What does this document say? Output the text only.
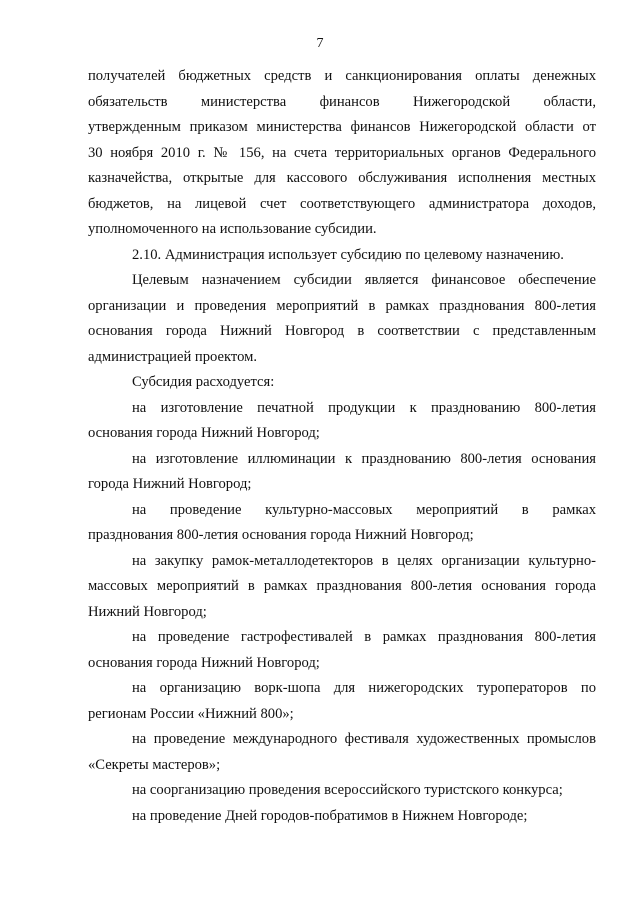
7
получателей бюджетных средств и санкционирования оплаты денежных
обязательств министерства финансов Нижегородской области,
утвержденным приказом министерства финансов Нижегородской области от
30 ноября 2010 г. № 156, на счета территориальных органов Федерального
казначейства, открытые для кассового обслуживания исполнения местных
бюджетов, на лицевой счет соответствующего администратора доходов,
уполномоченного на использование субсидии.
2.10. Администрация использует субсидию по целевому назначению.
Целевым назначением субсидии является финансовое обеспечение
организации и проведения мероприятий в рамках празднования 800-летия
основания города Нижний Новгород в соответствии с представленным
администрацией проектом.
Субсидия расходуется:
на изготовление печатной продукции к празднованию 800-летия
основания города Нижний Новгород;
на изготовление иллюминации к празднованию 800-летия основания
города Нижний Новгород;
на проведение культурно-массовых мероприятий в рамках
празднования 800-летия основания города Нижний Новгород;
на закупку рамок-металлодетекторов в целях организации культурно-
массовых мероприятий в рамках празднования 800-летия основания города
Нижний Новгород;
на проведение гастрофестивалей в рамках празднования 800-летия
основания города Нижний Новгород;
на организацию ворк-шопа для нижегородских туроператоров по
регионам России «Нижний 800»;
на проведение международного фестиваля художественных промыслов
«Секреты мастеров»;
на соорганизацию проведения всероссийского туристского конкурса;
на проведение Дней городов-побратимов в Нижнем Новгороде;
